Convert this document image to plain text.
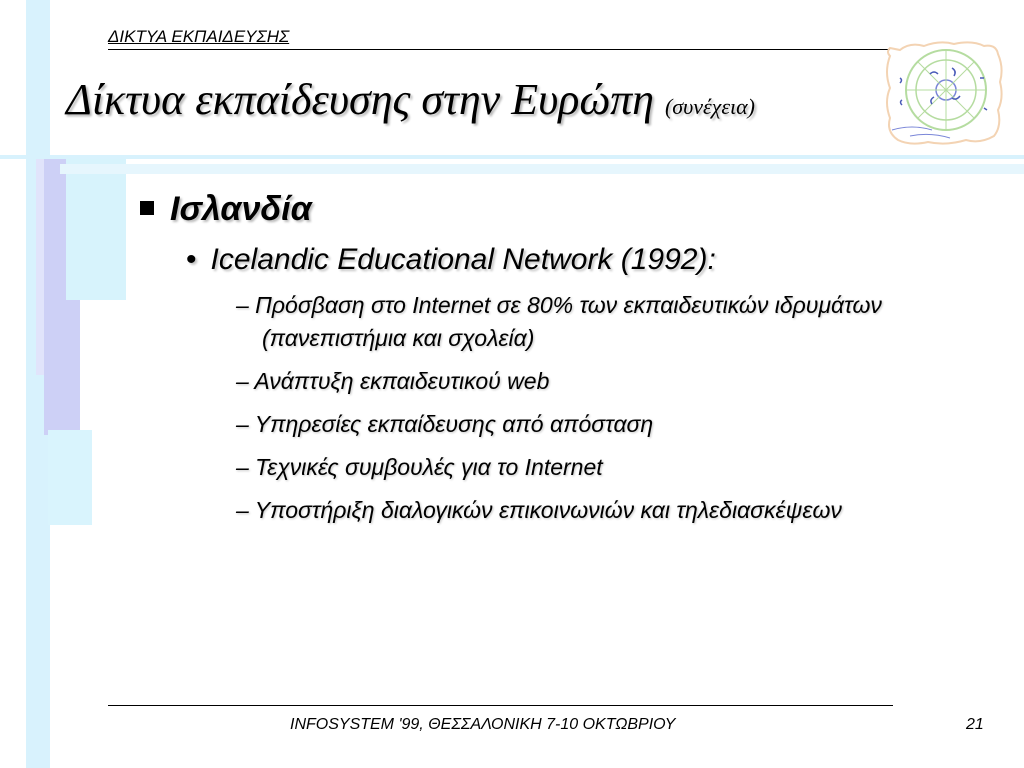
ΔΙΚΤΥΑ ΕΚΠΑΙΔΕΥΣΗΣ
Δίκτυα εκπαίδευσης στην Ευρώπη (συνέχεια)
Ισλανδία
• Icelandic Educational Network (1992):
– Πρόσβαση στο Internet σε 80% των εκπαιδευτικών ιδρυμάτων (πανεπιστήμια και σχολεία)
– Ανάπτυξη εκπαιδευτικού web
– Υπηρεσίες εκπαίδευσης από απόσταση
– Τεχνικές συμβουλές για το Internet
– Υποστήριξη διαλογικών επικοινωνιών και τηλεδιασκέψεων
INFOSYSTEM '99, ΘΕΣΣΑΛΟΝΙΚΗ 7-10 ΟΚΤΩΒΡΙΟΥ	21
